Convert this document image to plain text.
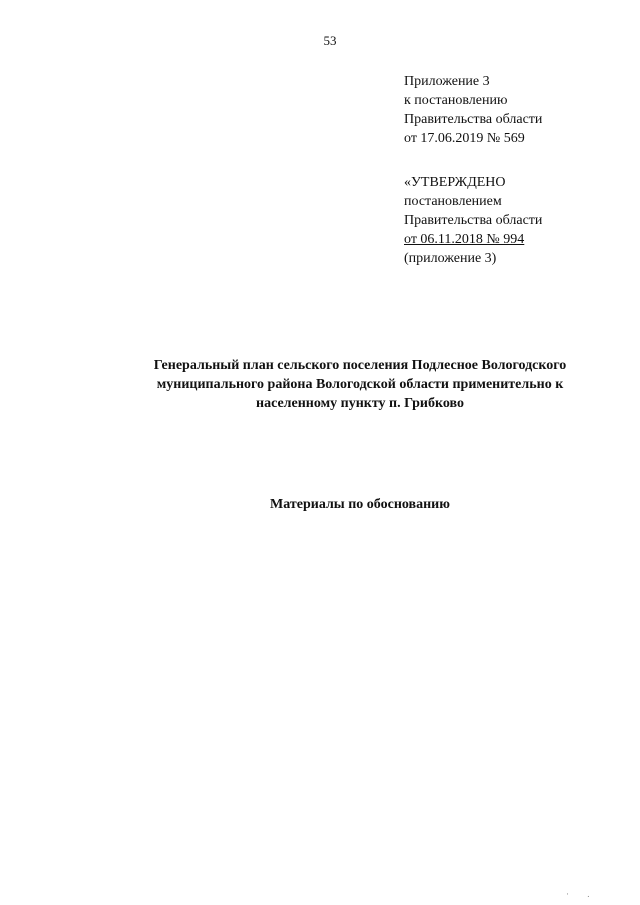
53
Приложение 3
к постановлению
Правительства области
от 17.06.2019 № 569
«УТВЕРЖДЕНО
постановлением
Правительства области
от 06.11.2018 № 994
(приложение 3)
Генеральный план сельского поселения Подлесное Вологодского
муниципального района Вологодской области применительно к
населенному пункту п. Грибково
Материалы по обоснованию
· .
